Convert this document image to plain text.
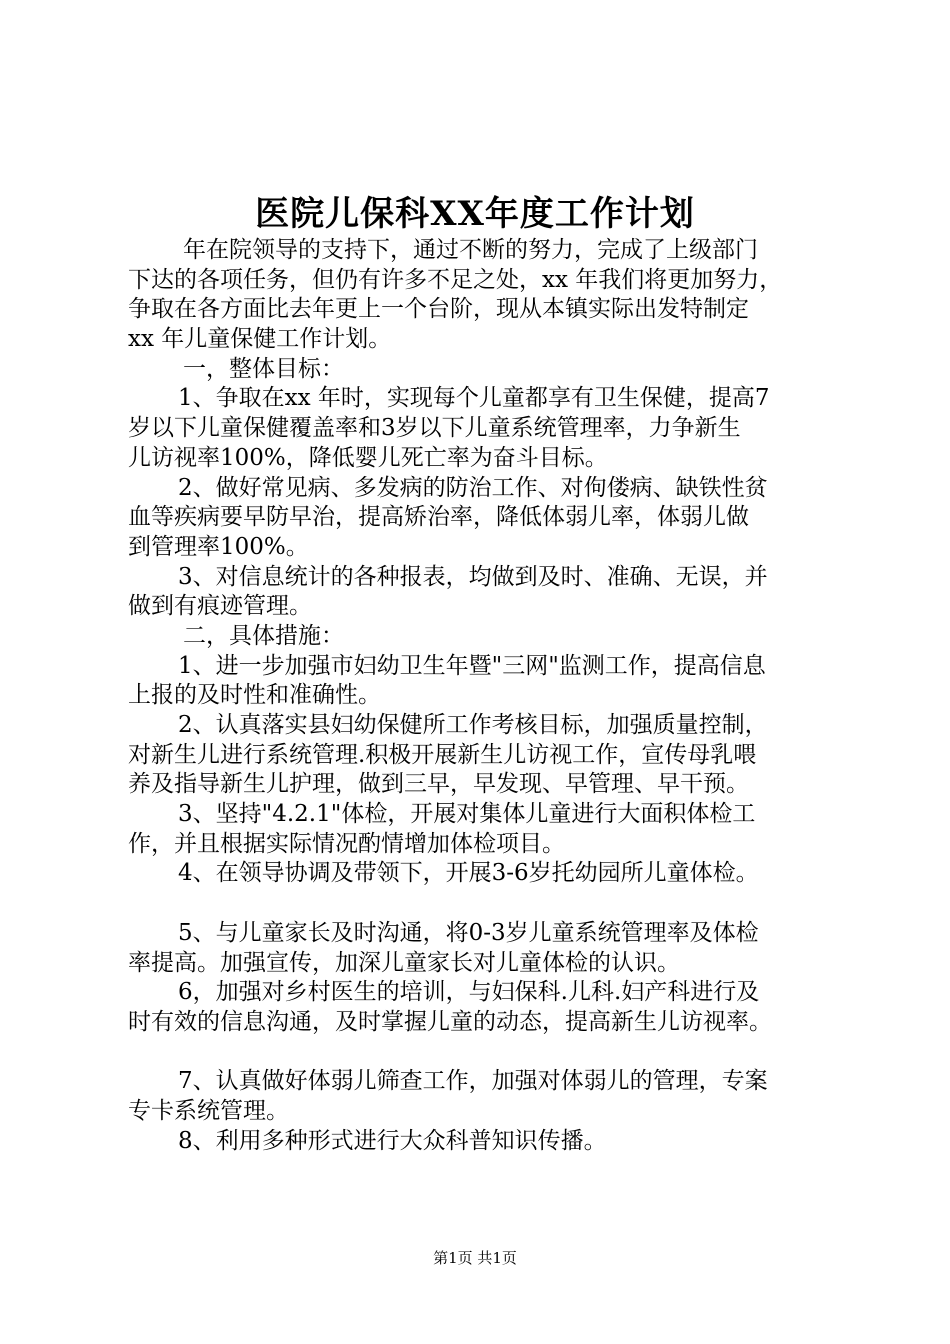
医院儿保科XX年度工作计划
年在院领导的支持下，通过不断的努力，完成了上级部门
下达的各项任务，但仍有许多不足之处，xx 年我们将更加努力，
争取在各方面比去年更上一个台阶，现从本镇实际出发特制定
xx 年儿童保健工作计划。
一，整体目标：
1、争取在xx 年时，实现每个儿童都享有卫生保健，提高7
岁以下儿童保健覆盖率和3岁以下儿童系统管理率，力争新生
儿访视率100%，降低婴儿死亡率为奋斗目标。
2、做好常见病、多发病的防治工作、对佝偻病、缺铁性贫
血等疾病要早防早治，提高矫治率，降低体弱儿率，体弱儿做
到管理率100%。
3、对信息统计的各种报表，均做到及时、准确、无误，并
做到有痕迹管理。
二，具体措施：
1、进一步加强市妇幼卫生年暨"三网"监测工作，提高信息
上报的及时性和准确性。
2、认真落实县妇幼保健所工作考核目标，加强质量控制，
对新生儿进行系统管理.积极开展新生儿访视工作，宣传母乳喂
养及指导新生儿护理，做到三早，早发现、早管理、早干预。
3、坚持"4.2.1"体检，开展对集体儿童进行大面积体检工
作，并且根据实际情况酌情增加体检项目。
4、在领导协调及带领下，开展3-6岁托幼园所儿童体检。
5、与儿童家长及时沟通，将0-3岁儿童系统管理率及体检
率提高。加强宣传，加深儿童家长对儿童体检的认识。
6，加强对乡村医生的培训，与妇保科.儿科.妇产科进行及
时有效的信息沟通，及时掌握儿童的动态，提高新生儿访视率。
7、认真做好体弱儿筛查工作，加强对体弱儿的管理，专案
专卡系统管理。
8、利用多种形式进行大众科普知识传播。
第1页 共1页
